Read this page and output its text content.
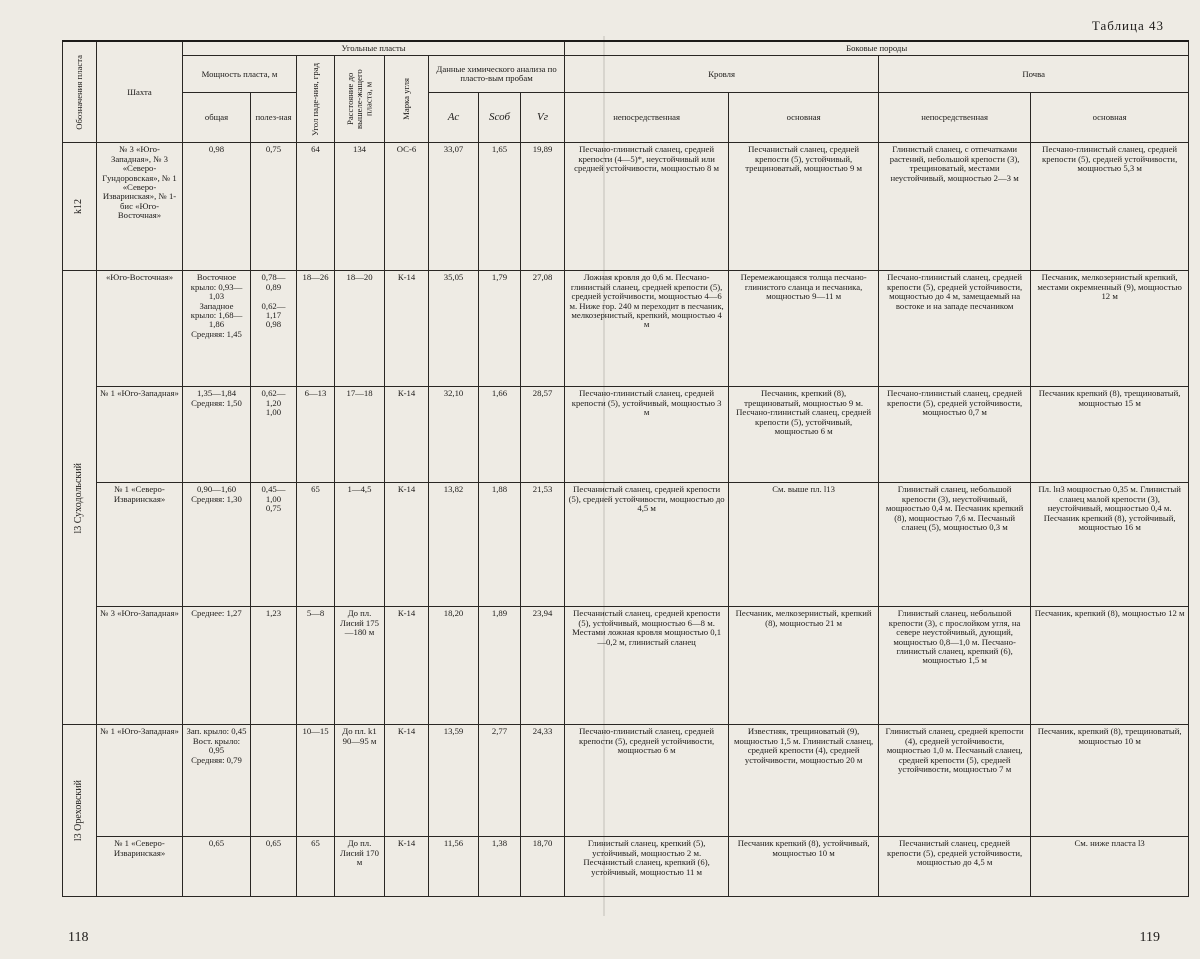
Таблица 43
Обозначения пласта	Шахта	Угольные пласты								Боковые породы			
		Мощность пласта, м		Угол паде-ния, град	Расстояние до вышеле-жащего пласта, м	Марка угля	Данные химического анализа по пласто-вым пробам			Кровля		Почва	
		общая	полез-ная				Ac	Sсоб	Vг	непосредственная	основная	непосредственная	основная

k12	№ 3 «Юго-Западная», № 3 «Северо-Гундоровская», № 1 «Северо-Изваринская», № 1-бис «Юго-Восточная»	0,98	0,75	64	134	ОС-6	33,07	1,65	19,89	Песчано-глинистый сланец, средней крепости (4—5)*, неустойчивый или средней устойчивости, мощностью 8 м	Песчанистый сланец, средней крепости (5), устойчивый, трещиноватый, мощностью 9 м	Глинистый сланец, с отпечатками растений, небольшой крепости (3), трещиноватый, местами неустойчивый, мощностью 2—3 м	Песчано-глинистый сланец, средней крепости (5), средней устойчивости, мощностью 5,3 м

l3 Суходольский	«Юго-Восточная»	Восточное крыло: 0,93—1,03
Западное крыло: 1,68—1,86
Средняя: 1,45	0,78—0,89

0,62—1,17
0,98	18—26	18—20	К-14	35,05	1,79	27,08	Ложная кровля до 0,6 м. Песчано-глинистый сланец, средней крепости (5), средней устойчивости, мощностью 4—6 м. Ниже гор. 240 м переходит в песчаник, мелкозернистый, крепкий, мощностью 4 м	Перемежающаяся толща песчано-глинистого сланца и песчаника, мощностью 9—11 м	Песчано-глинистый сланец, средней крепости (5), средней устойчивости, мощностью до 4 м, замещаемый на востоке и на западе песчаником	Песчаник, мелкозернистый крепкий, местами окремненный (9), мощностью 12 м
	№ 1 «Юго-Западная»	1,35—1,84
Средняя: 1,50	0,62—1,20
1,00	6—13	17—18	К-14	32,10	1,66	28,57	Песчано-глинистый сланец, средней крепости (5), устойчивый, мощностью 3 м	Песчаник, крепкий (8), трещиноватый, мощностью 9 м. Песчано-глинистый сланец, средней крепости (5), устойчивый, мощностью 6 м	Песчано-глинистый сланец, средней крепости (5), средней устойчивости, мощностью 0,7 м	Песчаник крепкий (8), трещиноватый, мощностью 15 м
	№ 1 «Северо-Изваринская»	0,90—1,60
Средняя: 1,30	0,45—1,00
0,75	65	1—4,5	К-14	13,82	1,88	21,53	Песчанистый сланец, средней крепости (5), средней устойчивости, мощностью до 4,5 м	См. выше пл. l13	Глинистый сланец, небольшой крепости (3), неустойчивый, мощностью 0,4 м. Песчаник крепкий (8), мощностью 7,6 м. Песчаный сланец (5), мощностью 0,3 м	Пл. lн3 мощностью 0,35 м. Глинистый сланец малой крепости (3), неустойчивый, мощностью 0,4 м. Песчаник крепкий (8), устойчивый, мощностью 16 м
	№ 3 «Юго-Западная»	Среднее: 1,27	1,23	5—8	До пл. Лисий 175—180 м	К-14	18,20	1,89	23,94	Песчанистый сланец, средней крепости (5), устойчивый, мощностью 6—8 м. Местами ложная кровля мощностью 0,1—0,2 м, глинистый сланец	Песчаник, мелкозернистый, крепкий (8), мощностью 21 м	Глинистый сланец, небольшой крепости (3), с прослойком угля, на севере неустойчивый, дующий, мощностью 0,8—1,0 м. Песчано-глинистый сланец, крепкий (6), мощностью 1,5 м	Песчаник, крепкий (8), мощностью 12 м

l3 Ореховский	№ 1 «Юго-Западная»	Зап. крыло: 0,45
Вост. крыло: 0,95
Средняя: 0,79		10—15	До пл. k1 90—95 м	К-14	13,59	2,77	24,33	Песчано-глинистый сланец, средней крепости (5), средней устойчивости, мощностью 6 м	Известняк, трещиноватый (9), мощностью 1,5 м. Глинистый сланец, средней крепости (4), средней устойчивости, мощностью 20 м	Глинистый сланец, средней крепости (4), средней устойчивости, мощностью 1,0 м. Песчаный сланец, средней крепости (5), средней устойчивости, мощностью 7 м	Песчаник, крепкий (8), трещиноватый, мощностью 10 м
	№ 1 «Северо-Изваринская»	0,65	0,65	65	До пл. Лисий 170 м	К-14	11,56	1,38	18,70	Глинистый сланец, крепкий (5), устойчивый, мощностью 2 м. Песчанистый сланец, крепкий (6), устойчивый, мощностью 11 м	Песчаник крепкий (8), устойчивый, мощностью 10 м	Песчанистый сланец, средней крепости (5), средней устойчивости, мощностью до 4,5 м	См. ниже пласта l3
118	119
